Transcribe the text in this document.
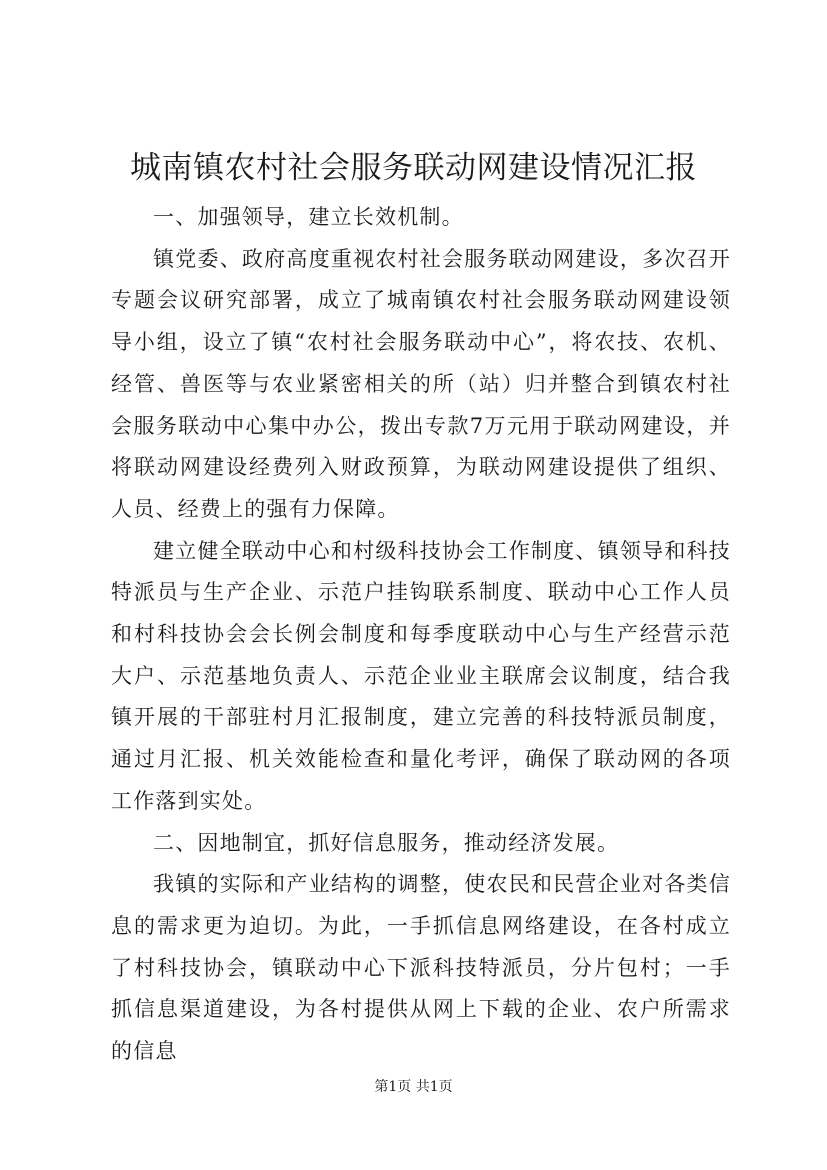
城南镇农村社会服务联动网建设情况汇报

一、加强领导，建立长效机制。

镇党委、政府高度重视农村社会服务联动网建设，多次召开专题会议研究部署，成立了城南镇农村社会服务联动网建设领导小组，设立了镇“农村社会服务联动中心”，将农技、农机、经管、兽医等与农业紧密相关的所（站）归并整合到镇农村社会服务联动中心集中办公，拨出专款7万元用于联动网建设，并将联动网建设经费列入财政预算，为联动网建设提供了组织、人员、经费上的强有力保障。

建立健全联动中心和村级科技协会工作制度、镇领导和科技特派员与生产企业、示范户挂钩联系制度、联动中心工作人员和村科技协会会长例会制度和每季度联动中心与生产经营示范大户、示范基地负责人、示范企业业主联席会议制度，结合我镇开展的干部驻村月汇报制度，建立完善的科技特派员制度，通过月汇报、机关效能检查和量化考评，确保了联动网的各项工作落到实处。

二、因地制宜，抓好信息服务，推动经济发展。

我镇的实际和产业结构的调整，使农民和民营企业对各类信息的需求更为迫切。为此，一手抓信息网络建设，在各村成立了村科技协会，镇联动中心下派科技特派员，分片包村；一手抓信息渠道建设，为各村提供从网上下载的企业、农户所需求的信息

第1页 共1页
